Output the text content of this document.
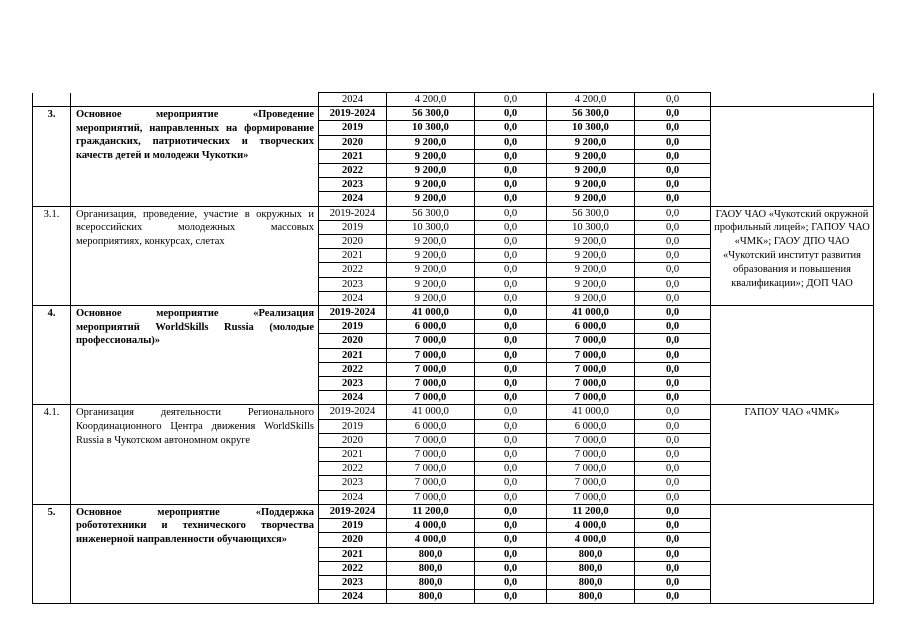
		2024	4 200,0	0,0	4 200,0	0,0	
3.	Основное мероприятие «Проведение мероприятий, направленных на формирование гражданских, патриотических и творческих качеств детей и молодежи Чукотки»	2019-2024	56 300,0	0,0	56 300,0	0,0	
		2019	10 300,0	0,0	10 300,0	0,0	
		2020	9 200,0	0,0	9 200,0	0,0	
		2021	9 200,0	0,0	9 200,0	0,0	
		2022	9 200,0	0,0	9 200,0	0,0	
		2023	9 200,0	0,0	9 200,0	0,0	
		2024	9 200,0	0,0	9 200,0	0,0	
3.1.	Организация, проведение, участие в окружных и всероссийских молодежных массовых мероприятиях, конкурсах, слетах	2019-2024	56 300,0	0,0	56 300,0	0,0	ГАОУ ЧАО «Чукотский окружной профильный лицей»; ГАПОУ ЧАО «ЧМК»; ГАОУ ДПО ЧАО «Чукотский институт развития образования и повышения квалификации»; ДОП ЧАО
		2019	10 300,0	0,0	10 300,0	0,0	
		2020	9 200,0	0,0	9 200,0	0,0	
		2021	9 200,0	0,0	9 200,0	0,0	
		2022	9 200,0	0,0	9 200,0	0,0	
		2023	9 200,0	0,0	9 200,0	0,0	
		2024	9 200,0	0,0	9 200,0	0,0	
4.	Основное мероприятие «Реализация мероприятий WorldSkills Russia (молодые профессионалы)»	2019-2024	41 000,0	0,0	41 000,0	0,0	
		2019	6 000,0	0,0	6 000,0	0,0	
		2020	7 000,0	0,0	7 000,0	0,0	
		2021	7 000,0	0,0	7 000,0	0,0	
		2022	7 000,0	0,0	7 000,0	0,0	
		2023	7 000,0	0,0	7 000,0	0,0	
		2024	7 000,0	0,0	7 000,0	0,0	
4.1.	Организация деятельности Регионального Координационного Центра движения WorldSkills Russia в Чукотском автономном округе	2019-2024	41 000,0	0,0	41 000,0	0,0	ГАПОУ ЧАО «ЧМК»
		2019	6 000,0	0,0	6 000,0	0,0	
		2020	7 000,0	0,0	7 000,0	0,0	
		2021	7 000,0	0,0	7 000,0	0,0	
		2022	7 000,0	0,0	7 000,0	0,0	
		2023	7 000,0	0,0	7 000,0	0,0	
		2024	7 000,0	0,0	7 000,0	0,0	
5.	Основное мероприятие «Поддержка робототехники и технического творчества инженерной направленности обучающихся»	2019-2024	11 200,0	0,0	11 200,0	0,0	
		2019	4 000,0	0,0	4 000,0	0,0	
		2020	4 000,0	0,0	4 000,0	0,0	
		2021	800,0	0,0	800,0	0,0	
		2022	800,0	0,0	800,0	0,0	
		2023	800,0	0,0	800,0	0,0	
		2024	800,0	0,0	800,0	0,0	
